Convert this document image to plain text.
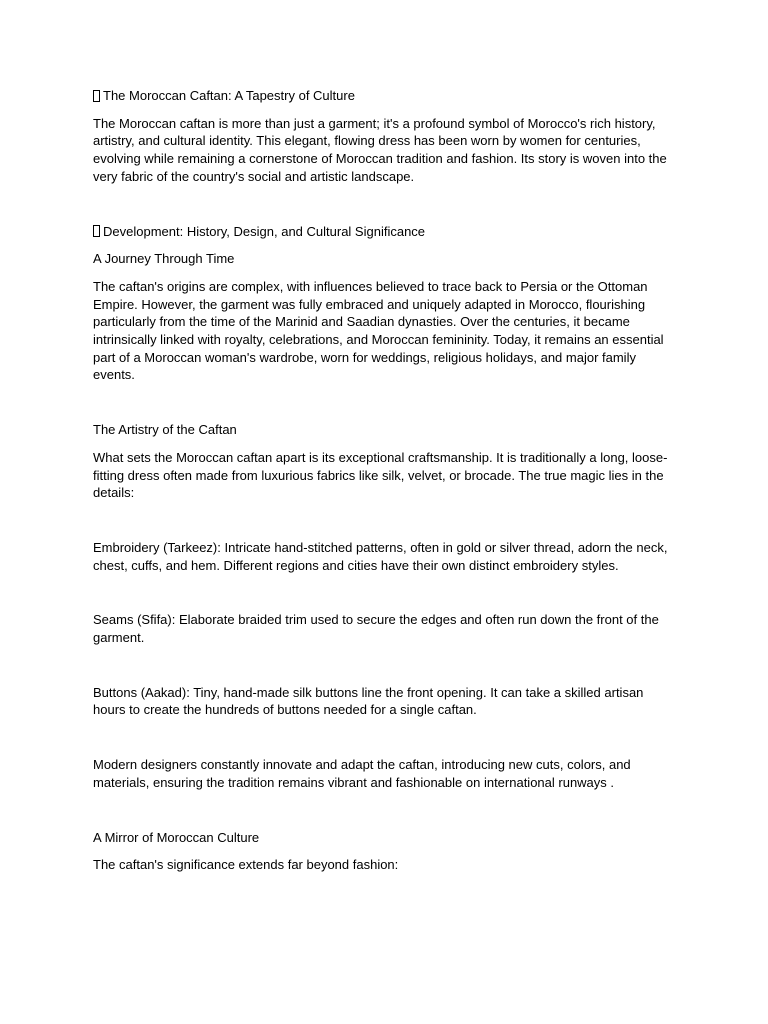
The Moroccan Caftan: A Tapestry of Culture

The Moroccan caftan is more than just a garment; it's a profound symbol of Morocco's rich history, artistry, and cultural identity. This elegant, flowing dress has been worn by women for centuries, evolving while remaining a cornerstone of Moroccan tradition and fashion. Its story is woven into the very fabric of the country's social and artistic landscape.

Development: History, Design, and Cultural Significance

A Journey Through Time

The caftan's origins are complex, with influences believed to trace back to Persia or the Ottoman Empire. However, the garment was fully embraced and uniquely adapted in Morocco, flourishing particularly from the time of the Marinid and Saadian dynasties. Over the centuries, it became intrinsically linked with royalty, celebrations, and Moroccan femininity. Today, it remains an essential part of a Moroccan woman's wardrobe, worn for weddings, religious holidays, and major family events.

The Artistry of the Caftan

What sets the Moroccan caftan apart is its exceptional craftsmanship. It is traditionally a long, loose-fitting dress often made from luxurious fabrics like silk, velvet, or brocade. The true magic lies in the details:

Embroidery (Tarkeez): Intricate hand-stitched patterns, often in gold or silver thread, adorn the neck, chest, cuffs, and hem. Different regions and cities have their own distinct embroidery styles.

Seams (Sfifa): Elaborate braided trim used to secure the edges and often run down the front of the garment.

Buttons (Aakad): Tiny, hand-made silk buttons line the front opening. It can take a skilled artisan hours to create the hundreds of buttons needed for a single caftan.

Modern designers constantly innovate and adapt the caftan, introducing new cuts, colors, and materials, ensuring the tradition remains vibrant and fashionable on international runways .

A Mirror of Moroccan Culture

The caftan's significance extends far beyond fashion:
